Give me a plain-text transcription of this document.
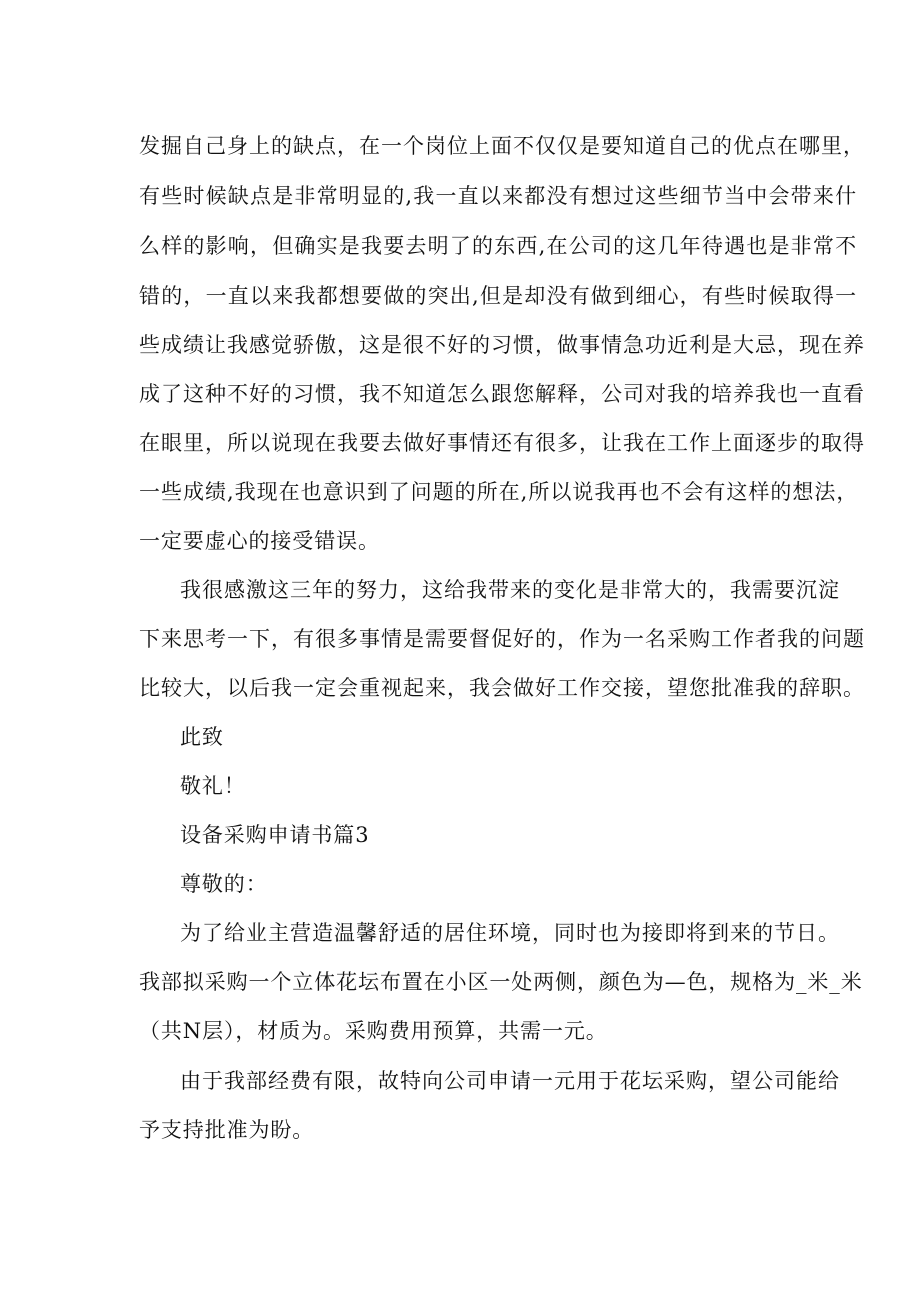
发掘自己身上的缺点，在一个岗位上面不仅仅是要知道自己的优点在哪里，

有些时候缺点是非常明显的,我一直以来都没有想过这些细节当中会带来什

么样的影响，但确实是我要去明了的东西,在公司的这几年待遇也是非常不

错的，一直以来我都想要做的突出,但是却没有做到细心，有些时候取得一

些成绩让我感觉骄傲，这是很不好的习惯，做事情急功近利是大忌，现在养

成了这种不好的习惯，我不知道怎么跟您解释，公司对我的培养我也一直看

在眼里，所以说现在我要去做好事情还有很多，让我在工作上面逐步的取得

一些成绩,我现在也意识到了问题的所在,所以说我再也不会有这样的想法，

一定要虚心的接受错误。

我很感激这三年的努力，这给我带来的变化是非常大的，我需要沉淀

下来思考一下，有很多事情是需要督促好的，作为一名采购工作者我的问题

比较大，以后我一定会重视起来，我会做好工作交接，望您批准我的辞职。

此致

敬礼！

设备采购申请书篇3

尊敬的：

为了给业主营造温馨舒适的居住环境，同时也为接即将到来的节日。

我部拟采购一个立体花坛布置在小区一处两侧，颜色为—色，规格为_米_米

（共N层），材质为。采购费用预算，共需一元。

由于我部经费有限，故特向公司申请一元用于花坛采购，望公司能给

予支持批准为盼。
